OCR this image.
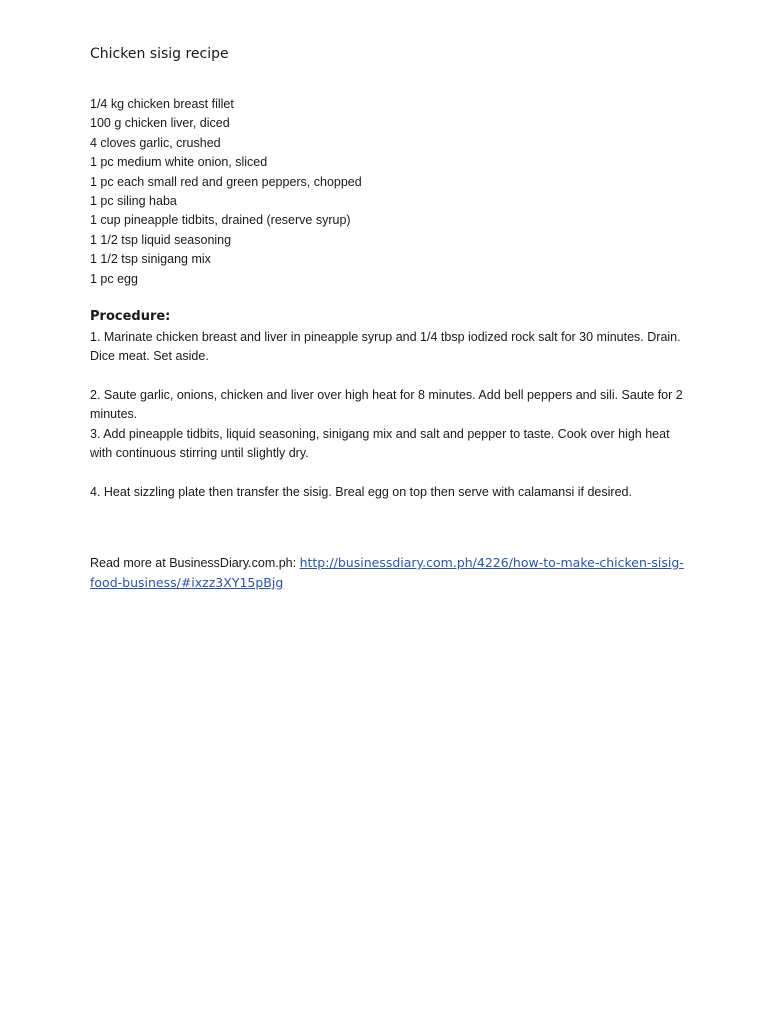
Chicken sisig recipe
1/4 kg chicken breast fillet
100 g chicken liver, diced
4 cloves garlic, crushed
1 pc medium white onion, sliced
1 pc each small red and green peppers, chopped
1 pc siling haba
1 cup pineapple tidbits, drained (reserve syrup)
1 1/2 tsp liquid seasoning
1 1/2 tsp sinigang mix
1 pc egg
Procedure:

1. Marinate chicken breast and liver in pineapple syrup and 1/4 tbsp iodized rock salt for 30 minutes. Drain. Dice meat. Set aside.

2. Saute garlic, onions, chicken and liver over high heat for 8 minutes. Add bell peppers and sili. Saute for 2 minutes.

3. Add pineapple tidbits, liquid seasoning, sinigang mix and salt and pepper to taste. Cook over high heat with continuous stirring until slightly dry.

4. Heat sizzling plate then transfer the sisig. Breal egg on top then serve with calamansi if desired.

Read more at BusinessDiary.com.ph: http://businessdiary.com.ph/4226/how-to-make-chicken-sisig-food-business/#ixzz3XY15pBjg
